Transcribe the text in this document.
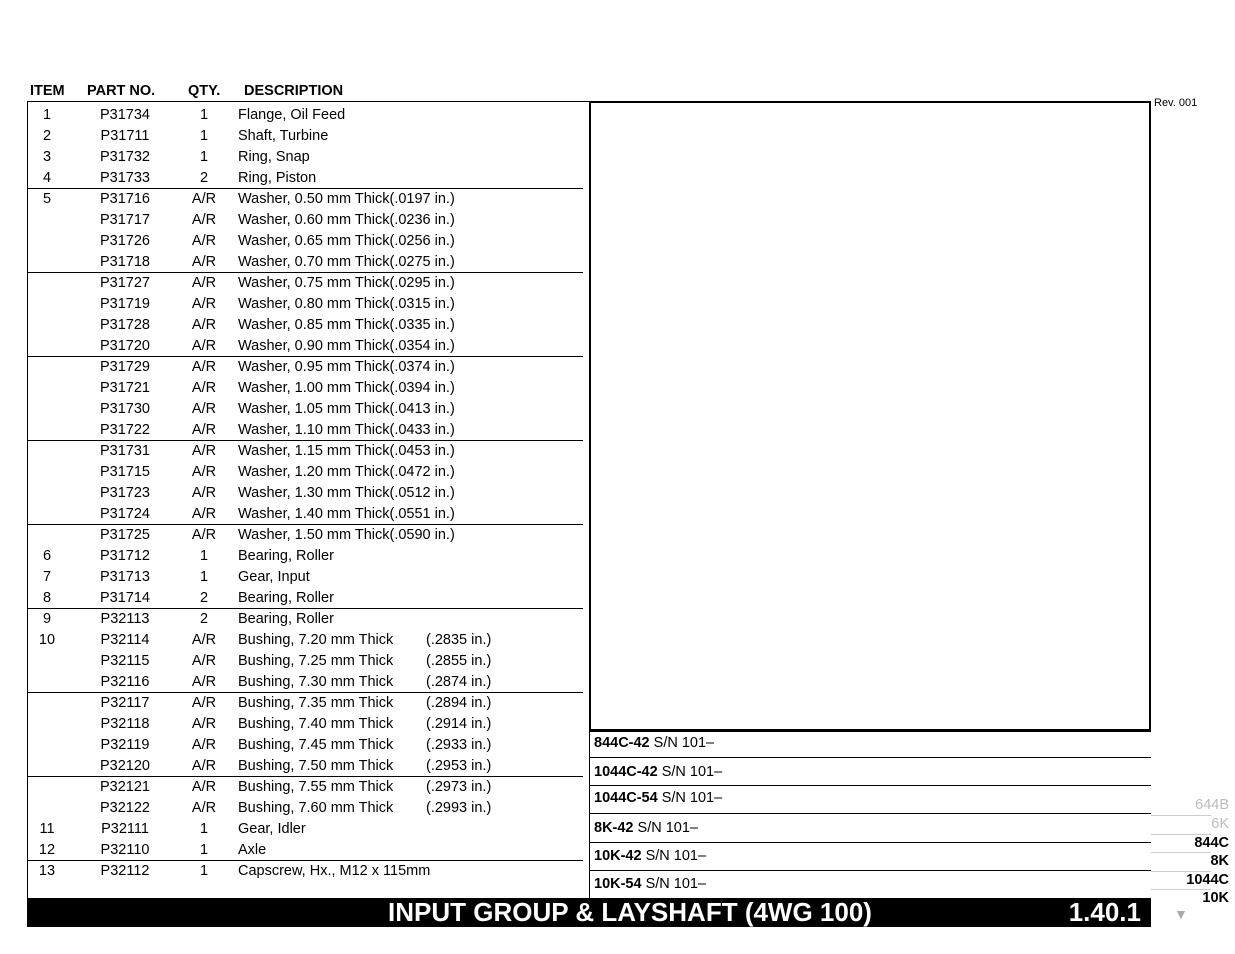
ITEM PART NO. QTY. DESCRIPTION
1	P31734	1	Flange, Oil Feed
2	P31711	1	Shaft, Turbine
3	P31732	1	Ring, Snap
4	P31733	2	Ring, Piston
5	P31716	A/R Washer, 0.50 mm Thick(.0197 in.)
P31717	A/R Washer, 0.60 mm Thick(.0236 in.)
P31726	A/R Washer, 0.65 mm Thick(.0256 in.)
P31718	A/R Washer, 0.70 mm Thick(.0275 in.)
P31727	A/R Washer, 0.75 mm Thick(.0295 in.)
P31719	A/R Washer, 0.80 mm Thick(.0315 in.)
P31728	A/R Washer, 0.85 mm Thick(.0335 in.)
P31720	A/R Washer, 0.90 mm Thick(.0354 in.)
P31729	A/R Washer, 0.95 mm Thick(.0374 in.)
P31721	A/R Washer, 1.00 mm Thick(.0394 in.)
P31730	A/R Washer, 1.05 mm Thick(.0413 in.)
P31722	A/R Washer, 1.10 mm Thick(.0433 in.)
P31731	A/R Washer, 1.15 mm Thick(.0453 in.)
P31715	A/R Washer, 1.20 mm Thick(.0472 in.)
P31723	A/R Washer, 1.30 mm Thick(.0512 in.)
P31724	A/R Washer, 1.40 mm Thick(.0551 in.)
P31725	A/R Washer, 1.50 mm Thick(.0590 in.)
6	P31712	1	Bearing, Roller
7	P31713	1	Gear, Input
8	P31714	2	Bearing, Roller
9	P32113	2	Bearing, Roller
10	P32114	A/R Bushing, 7.20 mm Thick (.2835 in.)
P32115	A/R Bushing, 7.25 mm Thick (.2855 in.)
P32116	A/R Bushing, 7.30 mm Thick (.2874 in.)
P32117	A/R Bushing, 7.35 mm Thick (.2894 in.)
P32118	A/R Bushing, 7.40 mm Thick (.2914 in.)
P32119	A/R Bushing, 7.45 mm Thick (.2933 in.)
P32120	A/R Bushing, 7.50 mm Thick (.2953 in.)
P32121	A/R Bushing, 7.55 mm Thick (.2973 in.)
P32122	A/R Bushing, 7.60 mm Thick (.2993 in.)
11	P32111	1	Gear, Idler
12	P32110	1	Axle
13	P32112	1	Capscrew, Hx., M12 x 115mm
Rev. 001
844C-42 S/N 101–
1044C-42 S/N 101–
1044C-54 S/N 101–
8K-42 S/N 101–
10K-42 S/N 101–
10K-54 S/N 101–
INPUT GROUP & LAYSHAFT (4WG 100)	1.40.1
644B
6K
844C
8K
1044C
10K
▼
